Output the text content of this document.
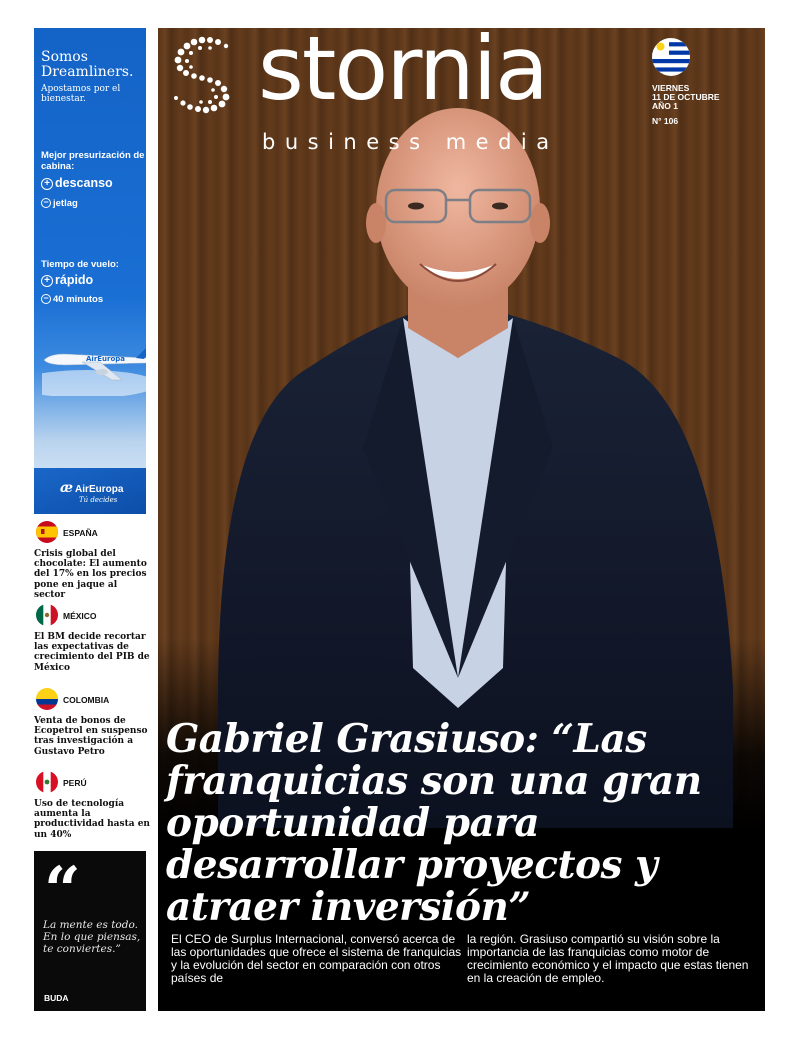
Somos Dreamliners.
Apostamos por el bienestar.
Mejor presurización de cabina:
+ descanso
− jetlag
Tiempo de vuelo:
+ rápido
− 40 minutos
AirEuropa
æ AirEuropa
Tú decides
ESPAÑA
Crisis global del chocolate: El aumento del 17% en los precios pone en jaque al sector
MÉXICO
El BM decide recortar las expectativas de crecimiento del PIB de México
COLOMBIA
Venta de bonos de Ecopetrol en suspenso tras investigación a Gustavo Petro
PERÚ
Uso de tecnología aumenta la productividad hasta en un 40%
“
La mente es todo. En lo que piensas, te conviertes.”
BUDA
stornia
business media
VIERNES
11 DE OCTUBRE
AÑO 1
N° 106
Gabriel Grasiuso: “Las franquicias son una gran oportunidad para desarrollar proyectos y atraer inversión”
El CEO de Surplus Internacional, conversó acerca de las oportunidades que ofrece el sistema de franquicias y la evolución del sector en comparación con otros países de
la región. Grasiuso compartió su visión sobre la importancia de las franquicias como motor de crecimiento económico y el impacto que estas tienen en la creación de empleo.
